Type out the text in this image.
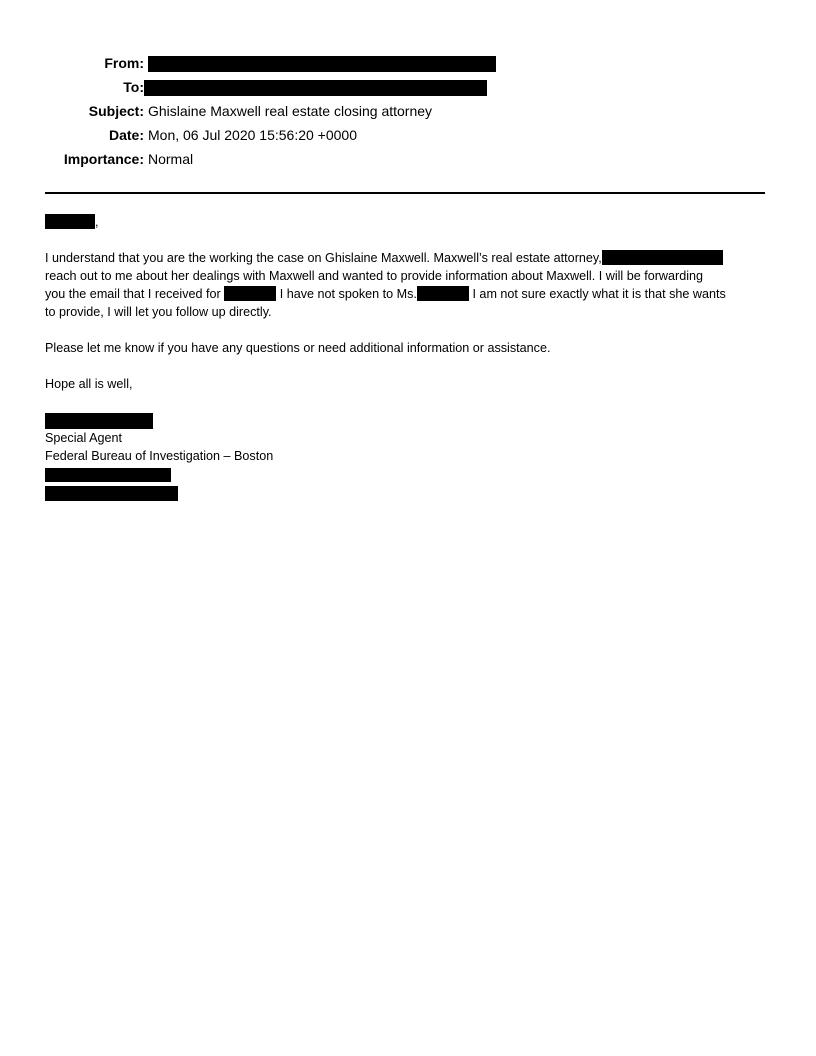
From:
To:
Subject: Ghislaine Maxwell real estate closing attorney
Date: Mon, 06 Jul 2020 15:56:20 +0000
Importance: Normal
,
I understand that you are the working the case on Ghislaine Maxwell. Maxwell’s real estate attorney,
reach out to me about her dealings with Maxwell and wanted to provide information about Maxwell. I will be forwarding
you the email that I received for	I have not spoken to Ms.	I am not sure exactly what it is that she wants
to provide, I will let you follow up directly.
Please let me know if you have any questions or need additional information or assistance.
Hope all is well,
Special Agent
Federal Bureau of Investigation – Boston
